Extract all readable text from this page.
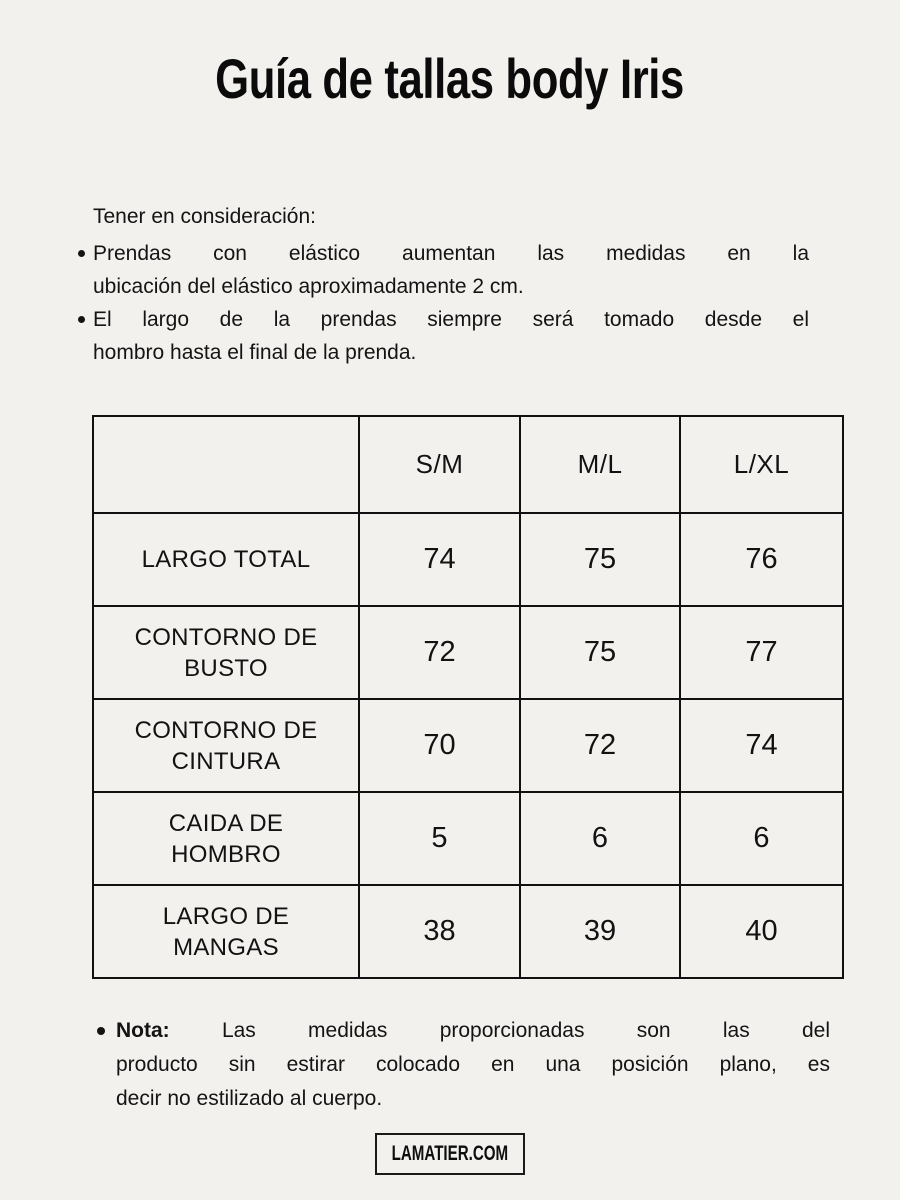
Guía de tallas body Iris

Tener en consideración:

Prendas con elástico aumentan las medidas en la
ubicación del elástico aproximadamente 2 cm.
El largo de la prendas siempre será tomado desde el
hombro hasta el final de la prenda.
	S/M	M/L	L/XL
LARGO TOTAL	74	75	76
CONTORNO DE BUSTO	72	75	77
CONTORNO DE CINTURA	70	72	74
CAIDA DE HOMBRO	5	6	6
LARGO DE MANGAS	38	39	40
Nota: Las medidas proporcionadas son las del
producto sin estirar colocado en una posición plano, es
decir no estilizado al cuerpo.
LAMATIER.COM
